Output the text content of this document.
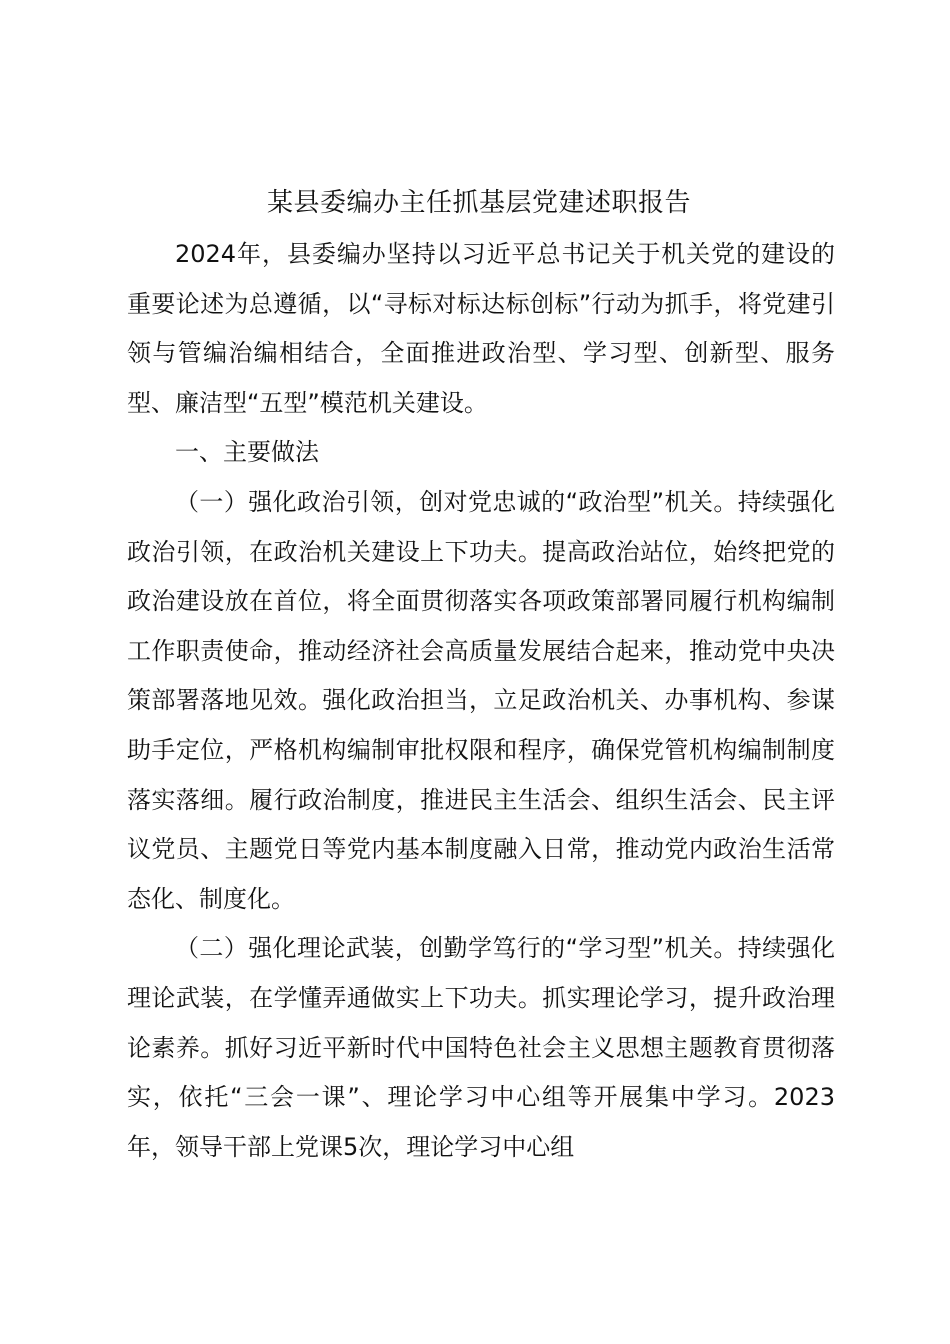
某县委编办主任抓基层党建述职报告

2024年，县委编办坚持以习近平总书记关于机关党的建设的重要论述为总遵循，以“寻标对标达标创标”行动为抓手，将党建引领与管编治编相结合，全面推进政治型、学习型、创新型、服务型、廉洁型“五型”模范机关建设。

一、主要做法

（一）强化政治引领，创对党忠诚的“政治型”机关。持续强化政治引领，在政治机关建设上下功夫。提高政治站位，始终把党的政治建设放在首位，将全面贯彻落实各项政策部署同履行机构编制工作职责使命，推动经济社会高质量发展结合起来，推动党中央决策部署落地见效。强化政治担当，立足政治机关、办事机构、参谋助手定位，严格机构编制审批权限和程序，确保党管机构编制制度落实落细。履行政治制度，推进民主生活会、组织生活会、民主评议党员、主题党日等党内基本制度融入日常，推动党内政治生活常态化、制度化。

（二）强化理论武装，创勤学笃行的“学习型”机关。持续强化理论武装，在学懂弄通做实上下功夫。抓实理论学习，提升政治理论素养。抓好习近平新时代中国特色社会主义思想主题教育贯彻落实，依托“三会一课”、理论学习中心组等开展集中学习。2023年，领导干部上党课5次，理论学习中心组
